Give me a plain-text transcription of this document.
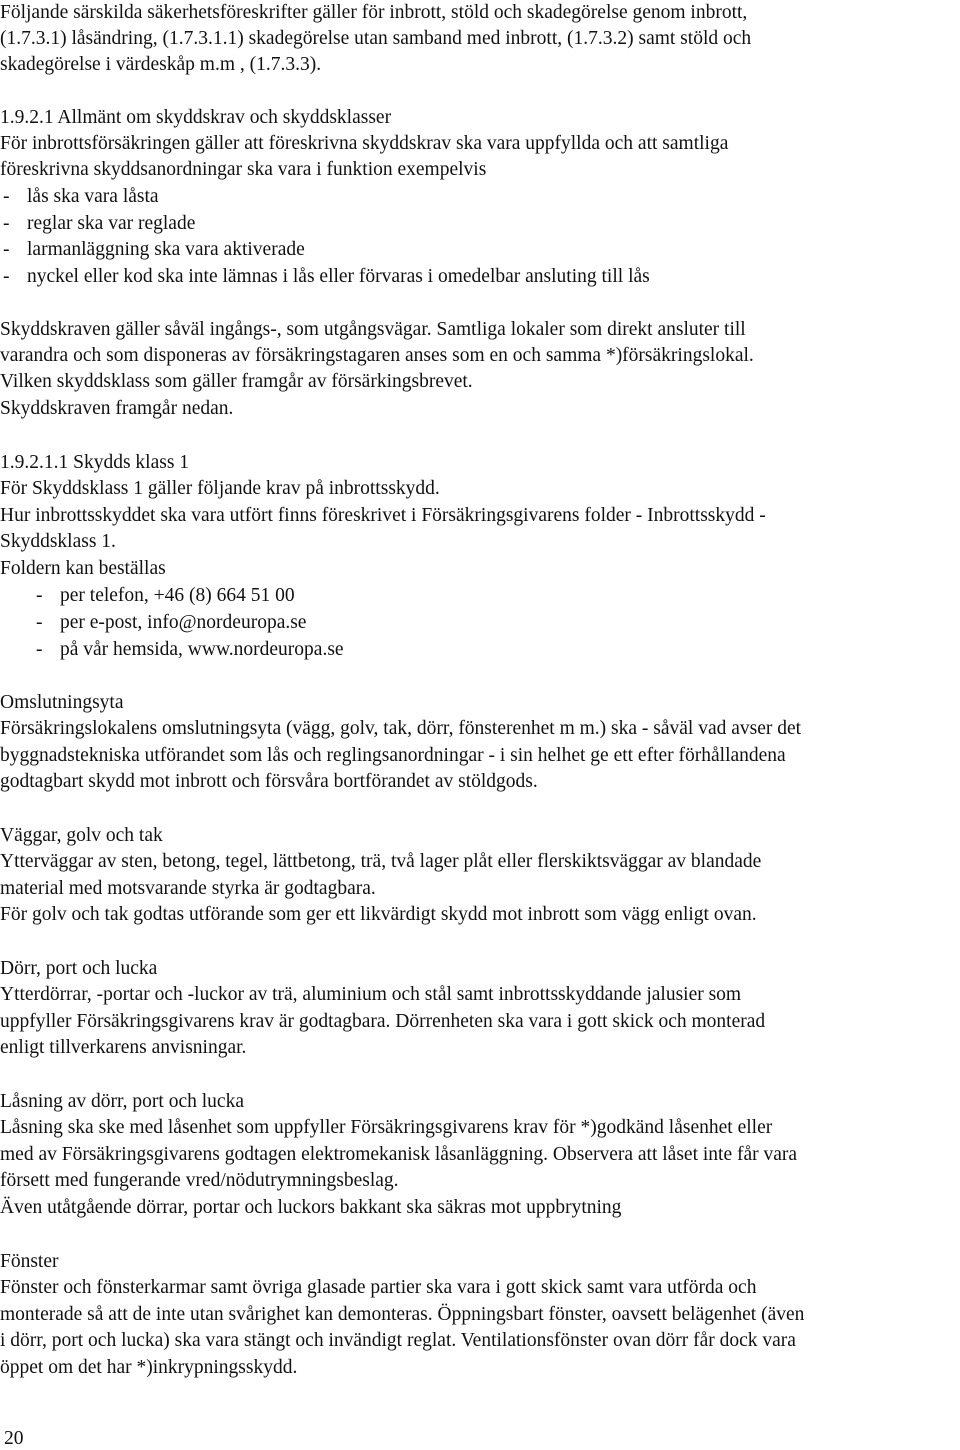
Följande särskilda säkerhetsföreskrifter gäller för inbrott, stöld och skadegörelse genom inbrott,
(1.7.3.1) låsändring, (1.7.3.1.1) skadegörelse utan samband med inbrott, (1.7.3.2) samt stöld och
skadegörelse i värdeskåp m.m , (1.7.3.3).
1.9.2.1 Allmänt om skyddskrav och skyddsklasser
För inbrottsförsäkringen gäller att föreskrivna skyddskrav ska vara uppfyllda och att samtliga
föreskrivna skyddsanordningar ska vara i funktion exempelvis
- lås ska vara låsta
- reglar ska var reglade
- larmanläggning ska vara aktiverade
- nyckel eller kod ska inte lämnas i lås eller förvaras i omedelbar ansluting till lås
Skyddskraven gäller såväl ingångs-, som utgångsvägar. Samtliga lokaler som direkt ansluter till
varandra och som disponeras av försäkringstagaren anses som en och samma *)försäkringslokal.
Vilken skyddsklass som gäller framgår av försärkingsbrevet.
Skyddskraven framgår nedan.
1.9.2.1.1 Skydds klass 1
För Skyddsklass 1 gäller följande krav på inbrottsskydd.
Hur inbrottsskyddet ska vara utfört finns föreskrivet i Försäkringsgivarens folder - Inbrottsskydd -
Skyddsklass 1.
Foldern kan beställas
- per telefon, +46 (8) 664 51 00
- per e-post, info@nordeuropa.se
- på vår hemsida, www.nordeuropa.se
Omslutningsyta
Försäkringslokalens omslutningsyta (vägg, golv, tak, dörr, fönsterenhet m m.) ska - såväl vad avser det
byggnadstekniska utförandet som lås och reglingsanordningar - i sin helhet ge ett efter förhållandena
godtagbart skydd mot inbrott och försvåra bortförandet av stöldgods.
Väggar, golv och tak
Ytterväggar av sten, betong, tegel, lättbetong, trä, två lager plåt eller flerskiktsväggar av blandade
material med motsvarande styrka är godtagbara.
För golv och tak godtas utförande som ger ett likvärdigt skydd mot inbrott som vägg enligt ovan.
Dörr, port och lucka
Ytterdörrar, -portar och -luckor av trä, aluminium och stål samt inbrottsskyddande jalusier som
uppfyller Försäkringsgivarens krav är godtagbara. Dörrenheten ska vara i gott skick och monterad
enligt tillverkarens anvisningar.
Låsning av dörr, port och lucka
Låsning ska ske med låsenhet som uppfyller Försäkringsgivarens krav för *)godkänd låsenhet eller
med av Försäkringsgivarens godtagen elektromekanisk låsanläggning. Observera att låset inte får vara
försett med fungerande vred/nödutrymningsbeslag.
Även utåtgående dörrar, portar och luckors bakkant ska säkras mot uppbrytning
Fönster
Fönster och fönsterkarmar samt övriga glasade partier ska vara i gott skick samt vara utförda och
monterade så att de inte utan svårighet kan demonteras. Öppningsbart fönster, oavsett belägenhet (även
i dörr, port och lucka) ska vara stängt och invändigt reglat. Ventilationsfönster ovan dörr får dock vara
öppet om det har *)inkrypningsskydd.
20
